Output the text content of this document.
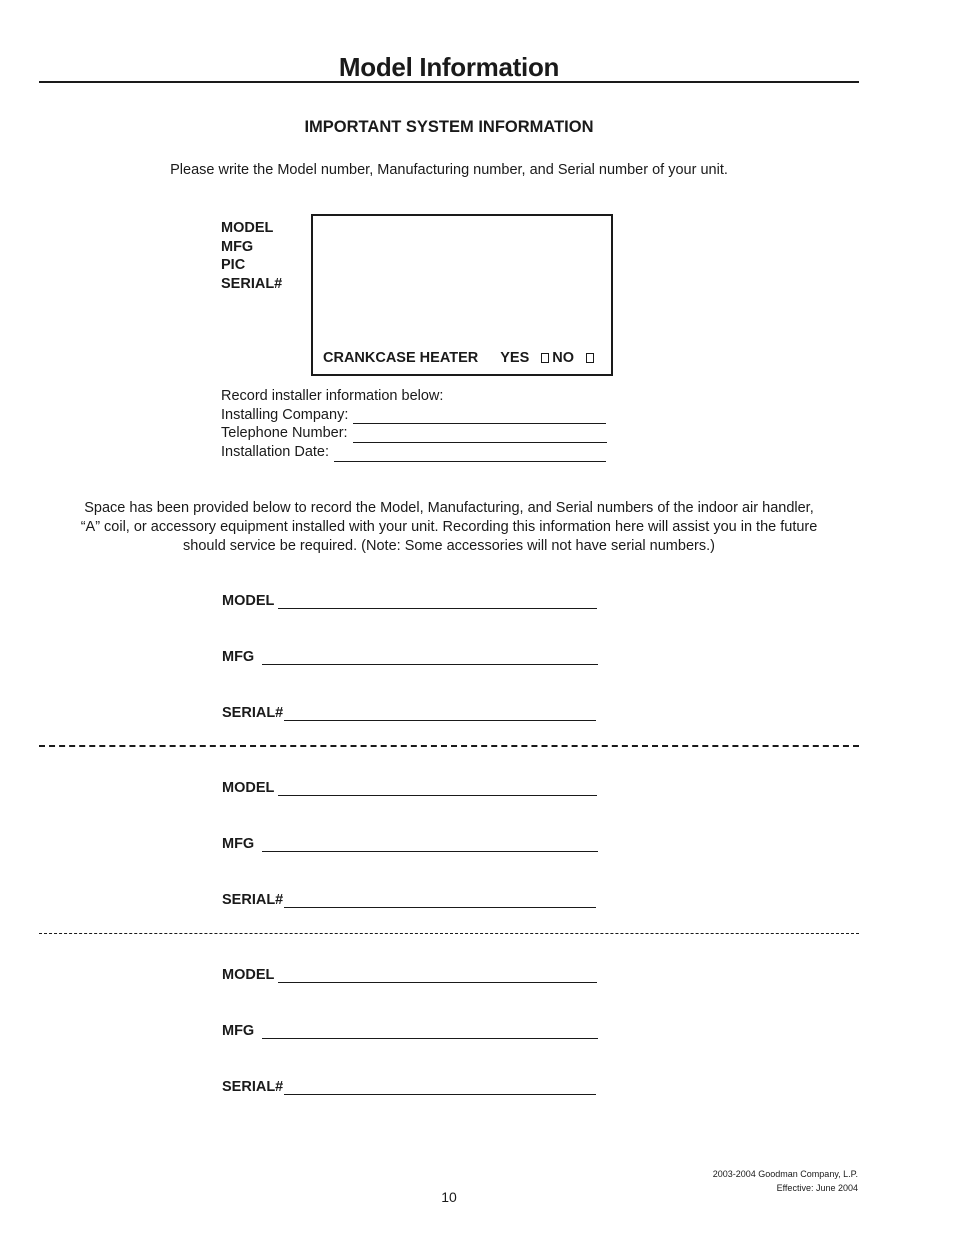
Model Information
IMPORTANT SYSTEM INFORMATION
Please write the Model number, Manufacturing number, and Serial number of your unit.
MODEL
MFG
PIC
SERIAL#
CRANKCASE HEATER YES NO
Record installer information below:
Installing Company:
Telephone Number:
Installation Date:
Space has been provided below to record the Model, Manufacturing, and Serial numbers of the indoor air handler,
“A” coil, or accessory equipment installed with your unit. Recording this information here will assist you in the future
should service be required. (Note: Some accessories will not have serial numbers.)
MODEL
MFG
SERIAL#
MODEL
MFG
SERIAL#
MODEL
MFG
SERIAL#
2003-2004 Goodman Company, L.P.
Effective: June 2004
10
